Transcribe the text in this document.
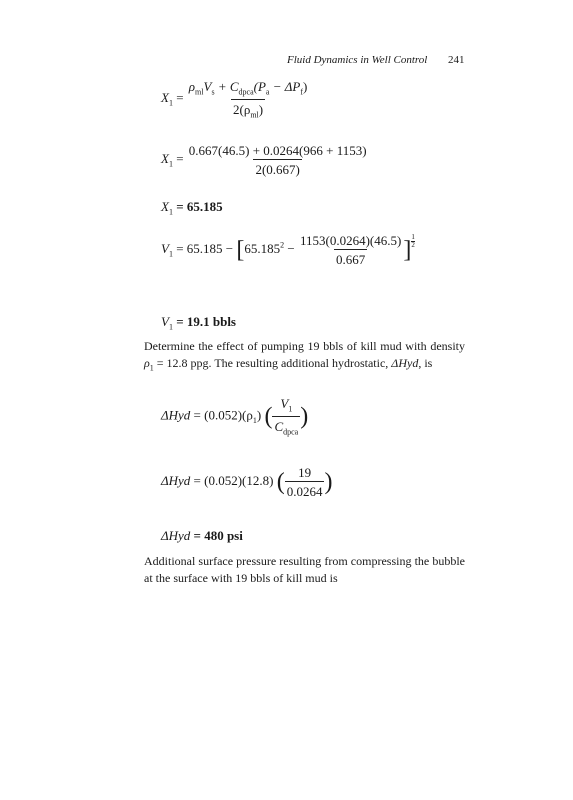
Fluid Dynamics in Well Control 241
$X_1 = \frac{\rho_{ml}V_s + C_{dpca}(P_a - \Delta P_f)}{2(\rho_{ml})}$
$X_1 = \frac{0.667(46.5) + 0.0264(966 + 1153)}{2(0.667)}$
$X_1 = 65.185$
$V_1 = 65.185 - [65.185^2 - \frac{1153(0.0264)(46.5)}{0.667}$ ] $^{\frac{1}{2}}$
$V_1 = 19.1$ bbls
Determine the effect of pumping 19 bbls of kill mud with density $\rho_1 = 12.8$ ppg. The resulting additional hydrostatic, ΔHyd, is
$\Delta Hyd = (0.052)(\rho_1)$ ( $\frac{V_1}{C_{dpca}}$ )
ΔHyd = (0.052)(12.8) ( $\frac{19}{0.0264}$ )
ΔHyd = 480 psi
Additional surface pressure resulting from compressing the bubble at the surface with 19 bbls of kill mud is
